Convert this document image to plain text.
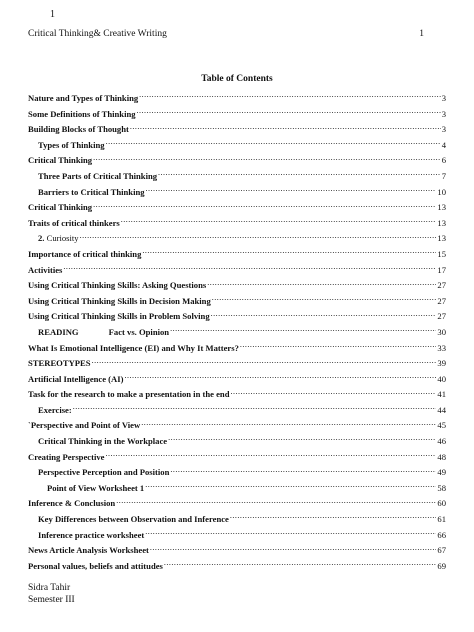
1
Critical Thinking& Creative Writing	1
Table of Contents
Nature and Types of Thinking .....	3
Some Definitions of Thinking .....	3
Building Blocks of Thought .....	3
Types of Thinking .....	4
Critical Thinking .....	6
Three Parts of Critical Thinking .....	7
Barriers to Critical Thinking .....	10
Critical Thinking .....	13
Traits of critical thinkers .....	13
2. Curiosity .....	13
Importance of critical thinking .....	15
Activities .....	17
Using Critical Thinking Skills: Asking Questions .....	27
Using Critical Thinking Skills in Decision Making .....	27
Using Critical Thinking Skills in Problem Solving .....	27
READING              Fact vs. Opinion .....	30
What Is Emotional Intelligence (EI) and Why It Matters? .....	33
STEREOTYPES .....	39
Artificial Intelligence (AI) .....	40
Task for the research to make a presentation in the end .....	41
Exercise: .....	44
`Perspective and Point of View .....	45
Critical Thinking in the Workplace .....	46
Creating Perspective .....	48
Perspective Perception and Position .....	49
Point of View Worksheet 1 .....	58
Inference & Conclusion .....	60
Key Differences between Observation and Inference .....	61
Inference practice worksheet .....	66
News Article Analysis Worksheet .....	67
Personal values, beliefs and attitudes .....	69
Sidra Tahir
Semester III
